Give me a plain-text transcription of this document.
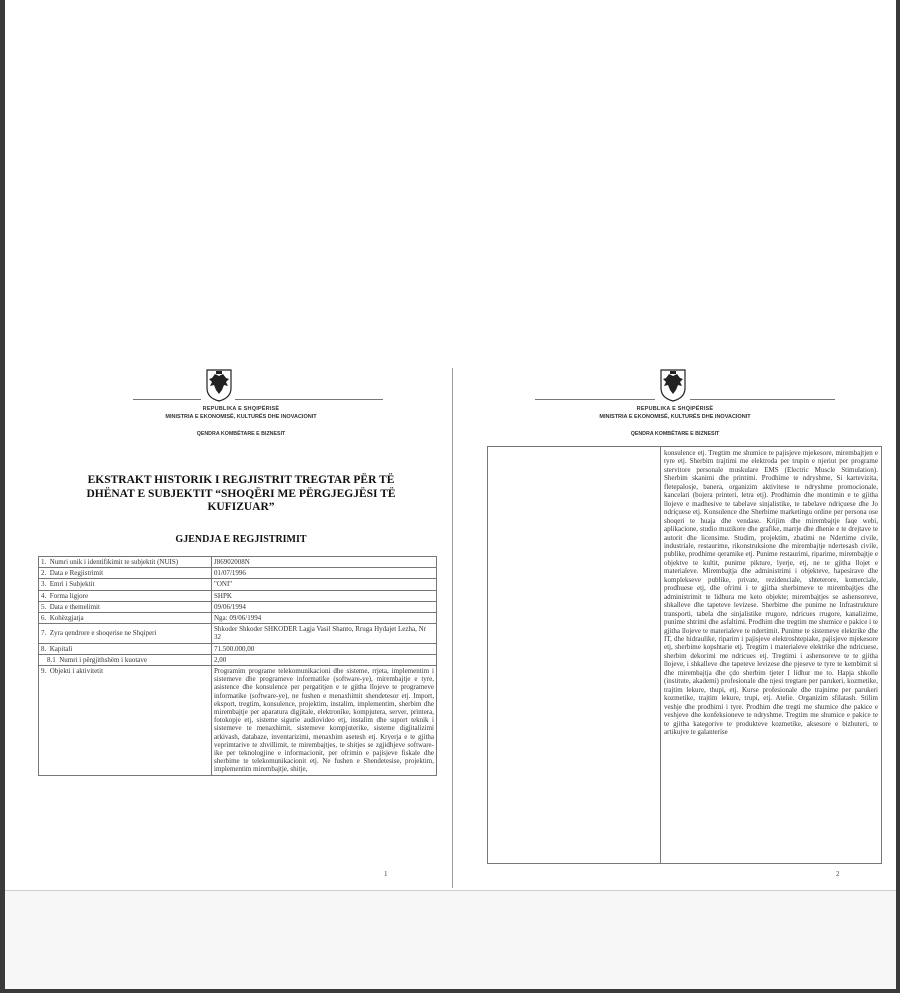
REPUBLIKA E SHQIPËRISË
MINISTRIA E EKONOMISË, KULTURËS DHE INOVACIONIT
QENDRA KOMBËTARE E BIZNESIT
EKSTRAKT HISTORIK I REGJISTRIT TREGTAR PËR TË
DHËNAT E SUBJEKTIT “SHOQËRI ME PËRGJEGJËSI TË
KUFIZUAR”
GJENDJA E REGJISTRIMIT
1. Numri unik i identifikimit te subjektit (NUIS)	J86902008N
2. Data e Regjistrimit	01/07/1996
3. Emri i Subjektit	"ONI"
4. Forma ligjore	SHPK
5. Data e themelimit	09/06/1994
6. Kohëzgjatja	Nga: 09/06/1994
7. Zyra qendrore e shoqerise ne Shqiperi	Shkoder Shkoder SHKODER Lagja Vasil Shanto, Rruga Hydajet Lezha, Nr 32
8. Kapitali	71.500.000,00
8.1 Numri i përgjithshëm i kuotave	2,00
9. Objekti i aktivitetit	Programim programe telekomunikacioni dhe sisteme, rrjeta, implementim i sistemeve dhe programeve informatike (software-ye), mirembajtje e tyre, asistence dhe konsulence per pergatitjen e te gjitha llojeve te programeve informatike (software-ye), ne fushen e menaxhimit shendetesor etj. Import, eksport, tregtim, konsulence, projektim, instalim, implementim, sherbim dhe mirembajtje per aparatura digjitale, elektronike, kompjutera, server, printera, fotokopje etj, sisteme sigurie audiovideo etj, instalim dhe suport teknik i sistemeve te menaxhimit, sistemeve kompjuterike, sisteme digjitalizimi arkivash, databaze, inventarizimi, menaxhim asetesh etj. Kryerja e te gjitha veprimtarive te zhvillimit, te mirembajtjes, te shitjes se zgjidhjeve software-ike per teknologjine e informacionit, per ofrimin e pajisjeve fiskale dhe sherbime te telekomunikacionit etj. Ne fushen e Shendetesise, projektim, implementim mirembajtje, shitje,
1
REPUBLIKA E SHQIPËRISË
MINISTRIA E EKONOMISË, KULTURËS DHE INOVACIONIT
QENDRA KOMBËTARE E BIZNESIT
konsulence etj. Tregtim me shumice te pajisjeve mjekesore, mirembajtjen e tyre etj. Sherbim trajtimi me elektroda per trupin e njeriut per programe stervitore personale muskulare EMS (Electric Muscle Stimulation). Sherbim skanimi dhe printimi. Prodhime te ndryshme, Si kartevizita, fletepalosje, banera, organizim aktivitese te ndryshme promocionale, kancelari (bojera printeri, letra etj). Prodhimin dhe montimin e te gjitha llojeve e madhesive te tabelave sinjalistike, te tabelave ndriçuese dhe Jo ndriçuese etj. Konsulence dhe Sherbime marketingu online per persona ose shoqeri te huaja dhe vendase. Krijim dhe mirembajtje faqe webi, aplikacione, studio muzikore dhe grafike, marrje dhe dhenie e te drejtave te autorit dhe licensime. Studim, projektim, zbatimi ne Ndertime civile, industriale, restaurime, rikonstruksione dhe mirembajtje ndertesash civile, publike, prodhime qeramike etj. Punime restaurimi, riparime, mirembajtje e objektve te kultit, punime pikture, lyerje, etj, ne te gjitha llojet e materialeve. Mirembajtja dhe administrimi i objekteve, hapesirave dhe komplekseve publike, private, rezidenciale, shteterore, komerciale, prodhuese etj, dhe ofrimi i te gjitha sherbimeve te mirembajtjes dhe administrimit te lidhura me keto objekte; mirembajtjes se ashensoreve, shkalleve dhe tapeteve levizese. Sherbime dhe punime ne Infrastrukture transporti, tabela dhe sinjalistike rrugore, ndricues rrugore, kanalizime, punime shtrimi dhe asfaltimi. Prodhim dhe tregtim me shumice e pakice i te gjitha llojeve te materialeve te ndertimit. Punime te sistemeve elektrike dhe IT, dhe hidraulike, riparim i pajisjeve elektroshtepiake, pajisjeve mjekesore etj, sherbime kopshtarie etj. Tregtim i materialeve elektrike dhe ndricuese, sherbim dekorimi me ndricues etj. Tregtimi i ashensoreve te te gjitha llojeve, i shkalleve dhe tapeteve levizese dhe pjeseve te tyre te kembimit si dhe mirembajtja dhe çdo sherbim tjeter I lidhur me to. Hapja shkolle (institute, akademi) profesionale dhe njesi tregtare per parukeri, kozmetike, trajtim lekure, thupi, etj. Kurse profesionale dhe trajnime per parukeri kozmetike, trajtim lekure, trupi, etj. Atelie. Organizim sfilatash. Stilim veshje dhe prodhimi i tyre. Prodhim dhe tregti me shumice dhe pakice e veshjeve dhe konfeksioneve te ndryshme. Tregtim me shumice e pakice te te gjitha kategorive te produkteve kozmetike, aksesore e bizhuteri, te artikujve te galanterise
2
